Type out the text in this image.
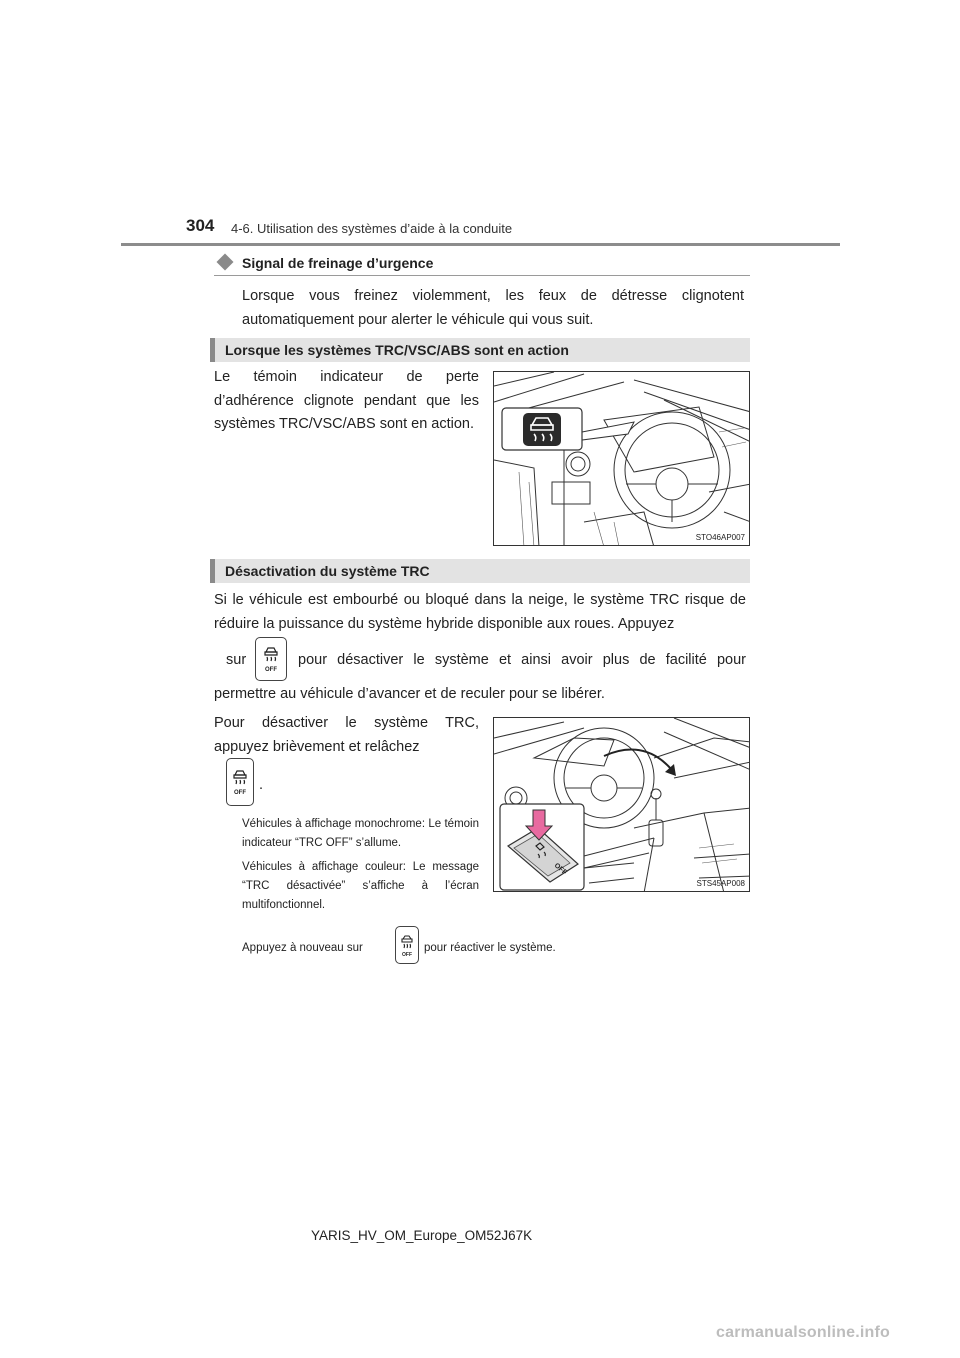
304 4-6. Utilisation des systèmes d’aide à la conduite
Signal de freinage d’urgence
Lorsque vous freinez violemment, les feux de détresse clignotent automatiquement pour alerter le véhicule qui vous suit.
Lorsque les systèmes TRC/VSC/ABS sont en action
Le témoin indicateur de perte d’adhérence clignote pendant que les systèmes TRC/VSC/ABS sont en action.
STO46AP007
Désactivation du système TRC
Si le véhicule est embourbé ou bloqué dans la neige, le système TRC risque de réduire la puissance du système hybride disponible aux roues. Appuyez
sur
OFF
pour désactiver le système et ainsi avoir plus de facilité pour
permettre au véhicule d’avancer et de reculer pour se libérer.
Pour désactiver le système TRC, appuyez brièvement et relâchez
OFF .
Véhicules à affichage monochrome: Le témoin indicateur “TRC OFF” s’allume.
Véhicules à affichage couleur: Le message “TRC désactivée” s’affiche à l’écran multifonctionnel.
OFF
STS45AP008
Appuyez à nouveau sur
OFF
pour réactiver le système.
YARIS_HV_OM_Europe_OM52J67K
carmanualsonline.info
